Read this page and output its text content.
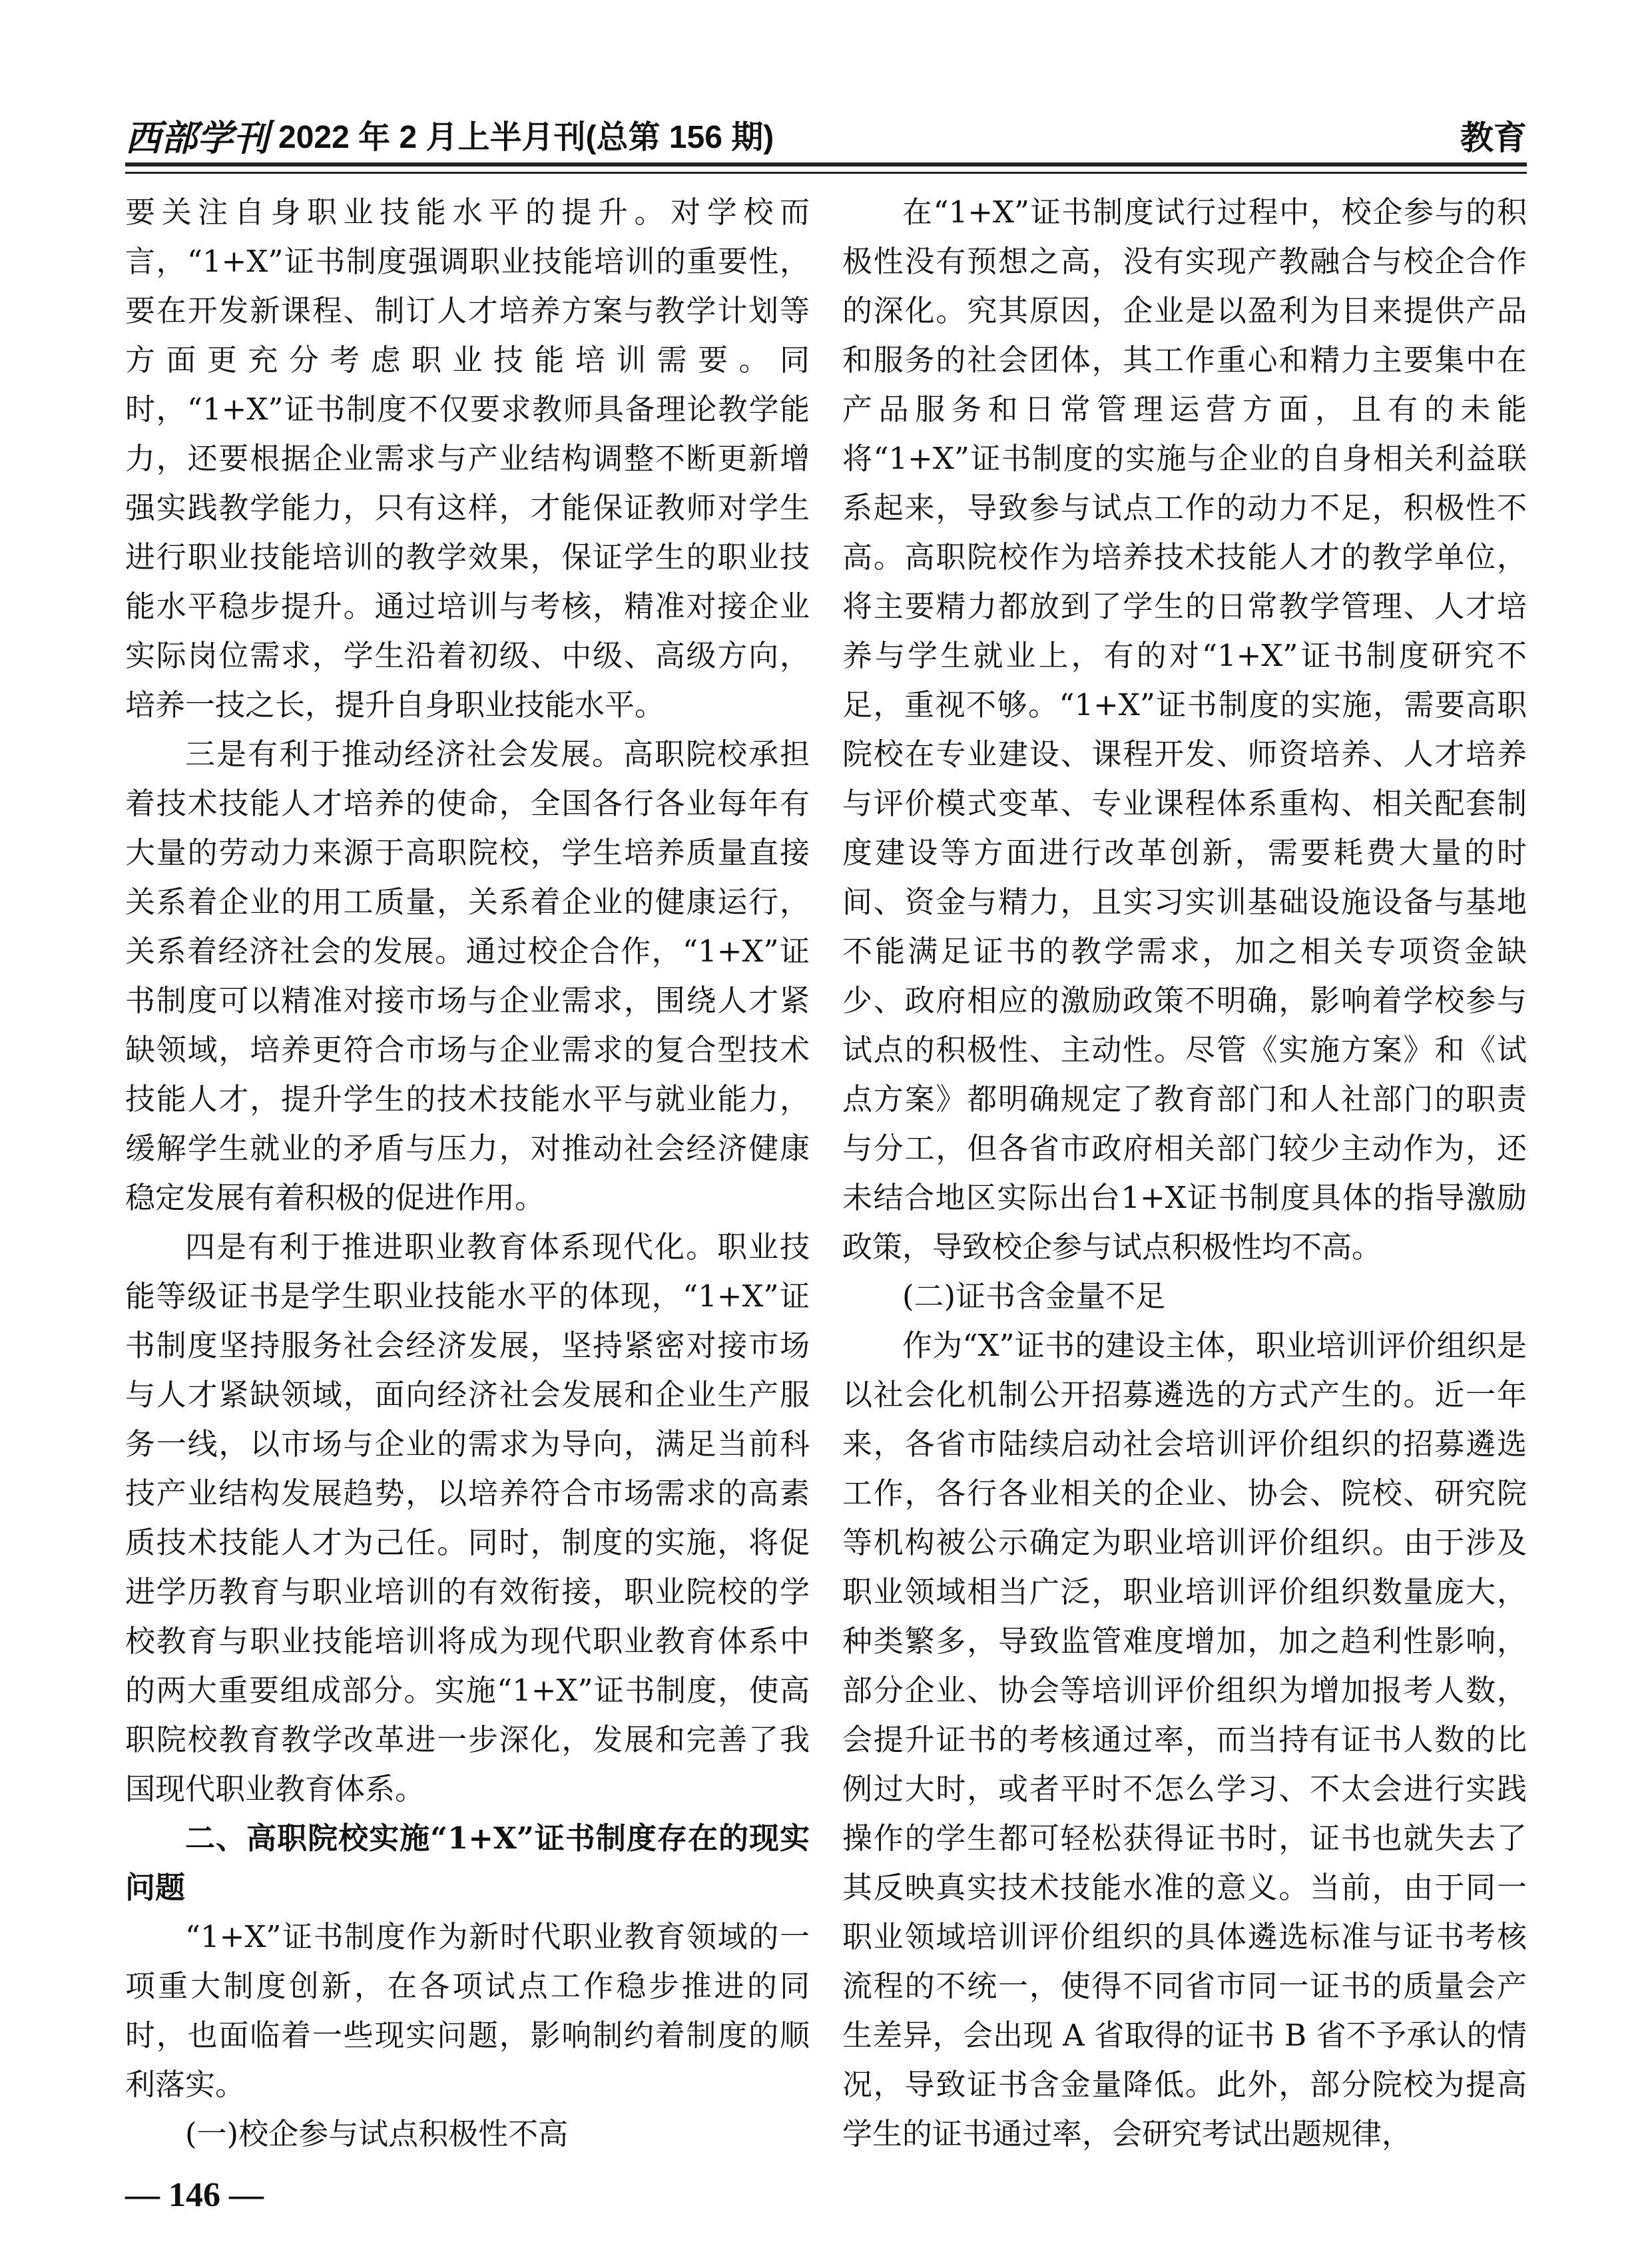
西部学刊 2022 年 2 月上半月刊(总第 156 期)	教育

要关注自身职业技能水平的提升。对学校而言，“1+X”证书制度强调职业技能培训的重要性，要在开发新课程、制订人才培养方案与教学计划等方面更充分考虑职业技能培训需要。同时，“1+X”证书制度不仅要求教师具备理论教学能力，还要根据企业需求与产业结构调整不断更新增强实践教学能力，只有这样，才能保证教师对学生进行职业技能培训的教学效果，保证学生的职业技能水平稳步提升。通过培训与考核，精准对接企业实际岗位需求，学生沿着初级、中级、高级方向，培养一技之长，提升自身职业技能水平。

三是有利于推动经济社会发展。高职院校承担着技术技能人才培养的使命，全国各行各业每年有大量的劳动力来源于高职院校，学生培养质量直接关系着企业的用工质量，关系着企业的健康运行，关系着经济社会的发展。通过校企合作，“1+X”证书制度可以精准对接市场与企业需求，围绕人才紧缺领域，培养更符合市场与企业需求的复合型技术技能人才，提升学生的技术技能水平与就业能力，缓解学生就业的矛盾与压力，对推动社会经济健康稳定发展有着积极的促进作用。

四是有利于推进职业教育体系现代化。职业技能等级证书是学生职业技能水平的体现，“1+X”证书制度坚持服务社会经济发展，坚持紧密对接市场与人才紧缺领域，面向经济社会发展和企业生产服务一线，以市场与企业的需求为导向，满足当前科技产业结构发展趋势，以培养符合市场需求的高素质技术技能人才为己任。同时，制度的实施，将促进学历教育与职业培训的有效衔接，职业院校的学校教育与职业技能培训将成为现代职业教育体系中的两大重要组成部分。实施“1+X”证书制度，使高职院校教育教学改革进一步深化，发展和完善了我国现代职业教育体系。

二、高职院校实施“1+X”证书制度存在的现实问题

“1+X”证书制度作为新时代职业教育领域的一项重大制度创新，在各项试点工作稳步推进的同时，也面临着一些现实问题，影响制约着制度的顺利落实。

(一)校企参与试点积极性不高

在“1+X”证书制度试行过程中，校企参与的积极性没有预想之高，没有实现产教融合与校企合作的深化。究其原因，企业是以盈利为目来提供产品和服务的社会团体，其工作重心和精力主要集中在产品服务和日常管理运营方面，且有的未能将“1+X”证书制度的实施与企业的自身相关利益联系起来，导致参与试点工作的动力不足，积极性不高。高职院校作为培养技术技能人才的教学单位，将主要精力都放到了学生的日常教学管理、人才培养与学生就业上，有的对“1+X”证书制度研究不足，重视不够。“1+X”证书制度的实施，需要高职院校在专业建设、课程开发、师资培养、人才培养与评价模式变革、专业课程体系重构、相关配套制度建设等方面进行改革创新，需要耗费大量的时间、资金与精力，且实习实训基础设施设备与基地不能满足证书的教学需求，加之相关专项资金缺少、政府相应的激励政策不明确，影响着学校参与试点的积极性、主动性。尽管《实施方案》和《试点方案》都明确规定了教育部门和人社部门的职责与分工，但各省市政府相关部门较少主动作为，还未结合地区实际出台1+X证书制度具体的指导激励政策，导致校企参与试点积极性均不高。

(二)证书含金量不足

作为“X”证书的建设主体，职业培训评价组织是以社会化机制公开招募遴选的方式产生的。近一年来，各省市陆续启动社会培训评价组织的招募遴选工作，各行各业相关的企业、协会、院校、研究院等机构被公示确定为职业培训评价组织。由于涉及职业领域相当广泛，职业培训评价组织数量庞大，种类繁多，导致监管难度增加，加之趋利性影响，部分企业、协会等培训评价组织为增加报考人数，会提升证书的考核通过率，而当持有证书人数的比例过大时，或者平时不怎么学习、不太会进行实践操作的学生都可轻松获得证书时，证书也就失去了其反映真实技术技能水准的意义。当前，由于同一职业领域培训评价组织的具体遴选标准与证书考核流程的不统一，使得不同省市同一证书的质量会产生差异，会出现 A 省取得的证书 B 省不予承认的情况，导致证书含金量降低。此外，部分院校为提高学生的证书通过率，会研究考试出题规律，

— 146 —
